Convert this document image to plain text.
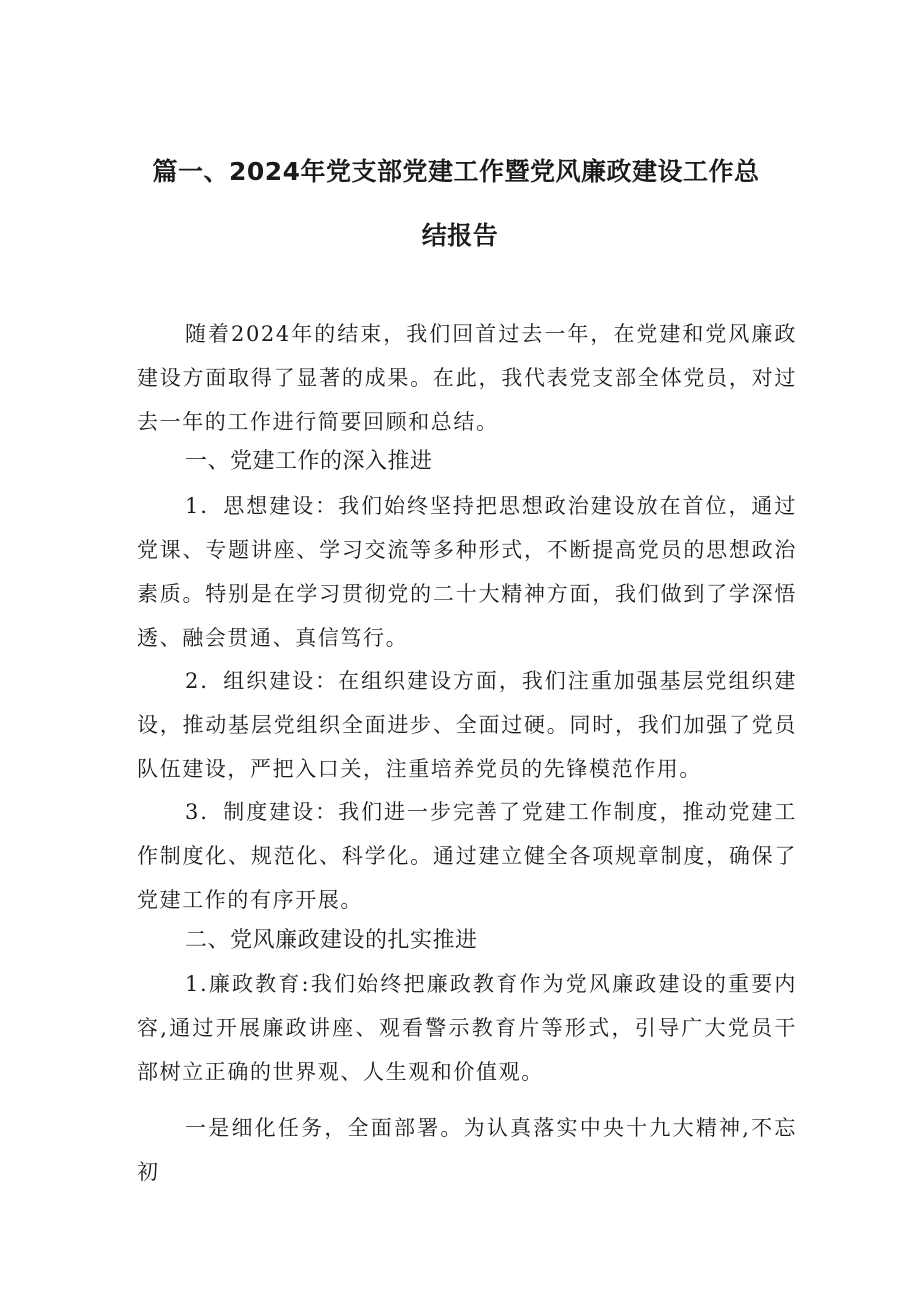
篇一、2024年党支部党建工作暨党风廉政建设工作总
结报告

随着2024年的结束，我们回首过去一年，在党建和党风廉政建设方面取得了显著的成果。在此，我代表党支部全体党员，对过去一年的工作进行简要回顾和总结。

一、党建工作的深入推进

1．思想建设：我们始终坚持把思想政治建设放在首位，通过党课、专题讲座、学习交流等多种形式，不断提高党员的思想政治素质。特别是在学习贯彻党的二十大精神方面，我们做到了学深悟透、融会贯通、真信笃行。

2．组织建设：在组织建设方面，我们注重加强基层党组织建设，推动基层党组织全面进步、全面过硬。同时，我们加强了党员队伍建设，严把入口关，注重培养党员的先锋模范作用。

3．制度建设：我们进一步完善了党建工作制度，推动党建工作制度化、规范化、科学化。通过建立健全各项规章制度，确保了党建工作的有序开展。

二、党风廉政建设的扎实推进

1.廉政教育:我们始终把廉政教育作为党风廉政建设的重要内容,通过开展廉政讲座、观看警示教育片等形式，引导广大党员干部树立正确的世界观、人生观和价值观。

一是细化任务，全面部署。为认真落实中央十九大精神,不忘初
